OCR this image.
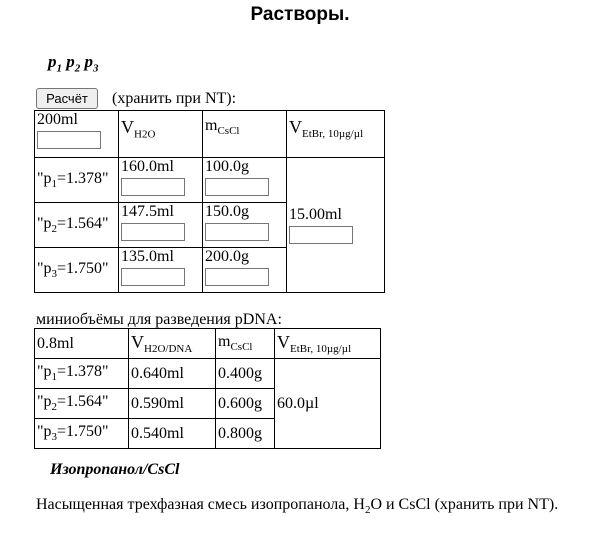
Растворы.
$p_1$ $p_2$ $p_3$
Расчёт	(хранить при NT):
200ml	$V_{H2O}$	$m_{CsCl}$	$V_{EtBr, 10\mu g/\mu l}$
"$p_1=1.378$"	160.0ml	100.0g	15.00ml

"$p_2=1.564$"	147.5ml	150.0g	

"$p_3=1.750$"	135.0ml	200.0g	
миниобъёмы для разведения pDNA:
0.8ml	$V_{H2O/DNA}$	$m_{CsCl}$	$V_{EtBr, 10\mu g/\mu l}$
"$p_1=1.378$"	0.640ml	0.400g	60.0µl
"$p_2=1.564$"	0.590ml	0.600g	
"$p_3=1.750$"	0.540ml	0.800g	
Изопропанол/CsCl
Насыщенная трехфазная смесь изопропанола, $H_2O$ и CsCl (хранить при NT).
